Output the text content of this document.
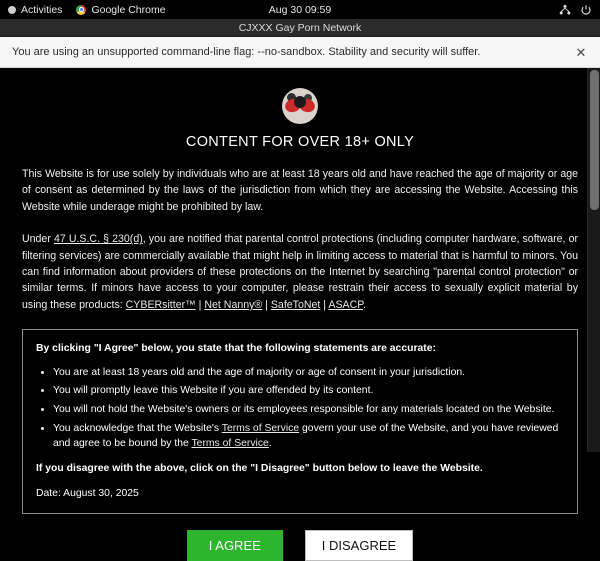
Activities	Google Chrome	Aug 30 09:59
CJXXX Gay Porn Network
You are using an unsupported command-line flag: --no-sandbox. Stability and security will suffer.	✕
CONTENT FOR OVER 18+ ONLY

This Website is for use solely by individuals who are at least 18 years old and have reached the age of majority or age of consent as determined by the laws of the jurisdiction from which they are accessing the Website. Accessing this Website while underage might be prohibited by law.

Under 47 U.S.C. § 230(d), you are notified that parental control protections (including computer hardware, software, or filtering services) are commercially available that might help in limiting access to material that is harmful to minors. You can find information about providers of these protections on the Internet by searching "parental control protection" or similar terms. If minors have access to your computer, please restrain their access to sexually explicit material by using these products: CYBERsitter™ | Net Nanny® | SafeToNet | ASACP.

By clicking "I Agree" below, you state that the following statements are accurate:

• You are at least 18 years old and the age of majority or age of consent in your jurisdiction.
• You will promptly leave this Website if you are offended by its content.
• You will not hold the Website's owners or its employees responsible for any materials located on the Website.
• You acknowledge that the Website's Terms of Service govern your use of the Website, and you have reviewed and agree to be bound by the Terms of Service.

If you disagree with the above, click on the "I Disagree" button below to leave the Website.

Date: August 30, 2025

I AGREE	I DISAGREE
